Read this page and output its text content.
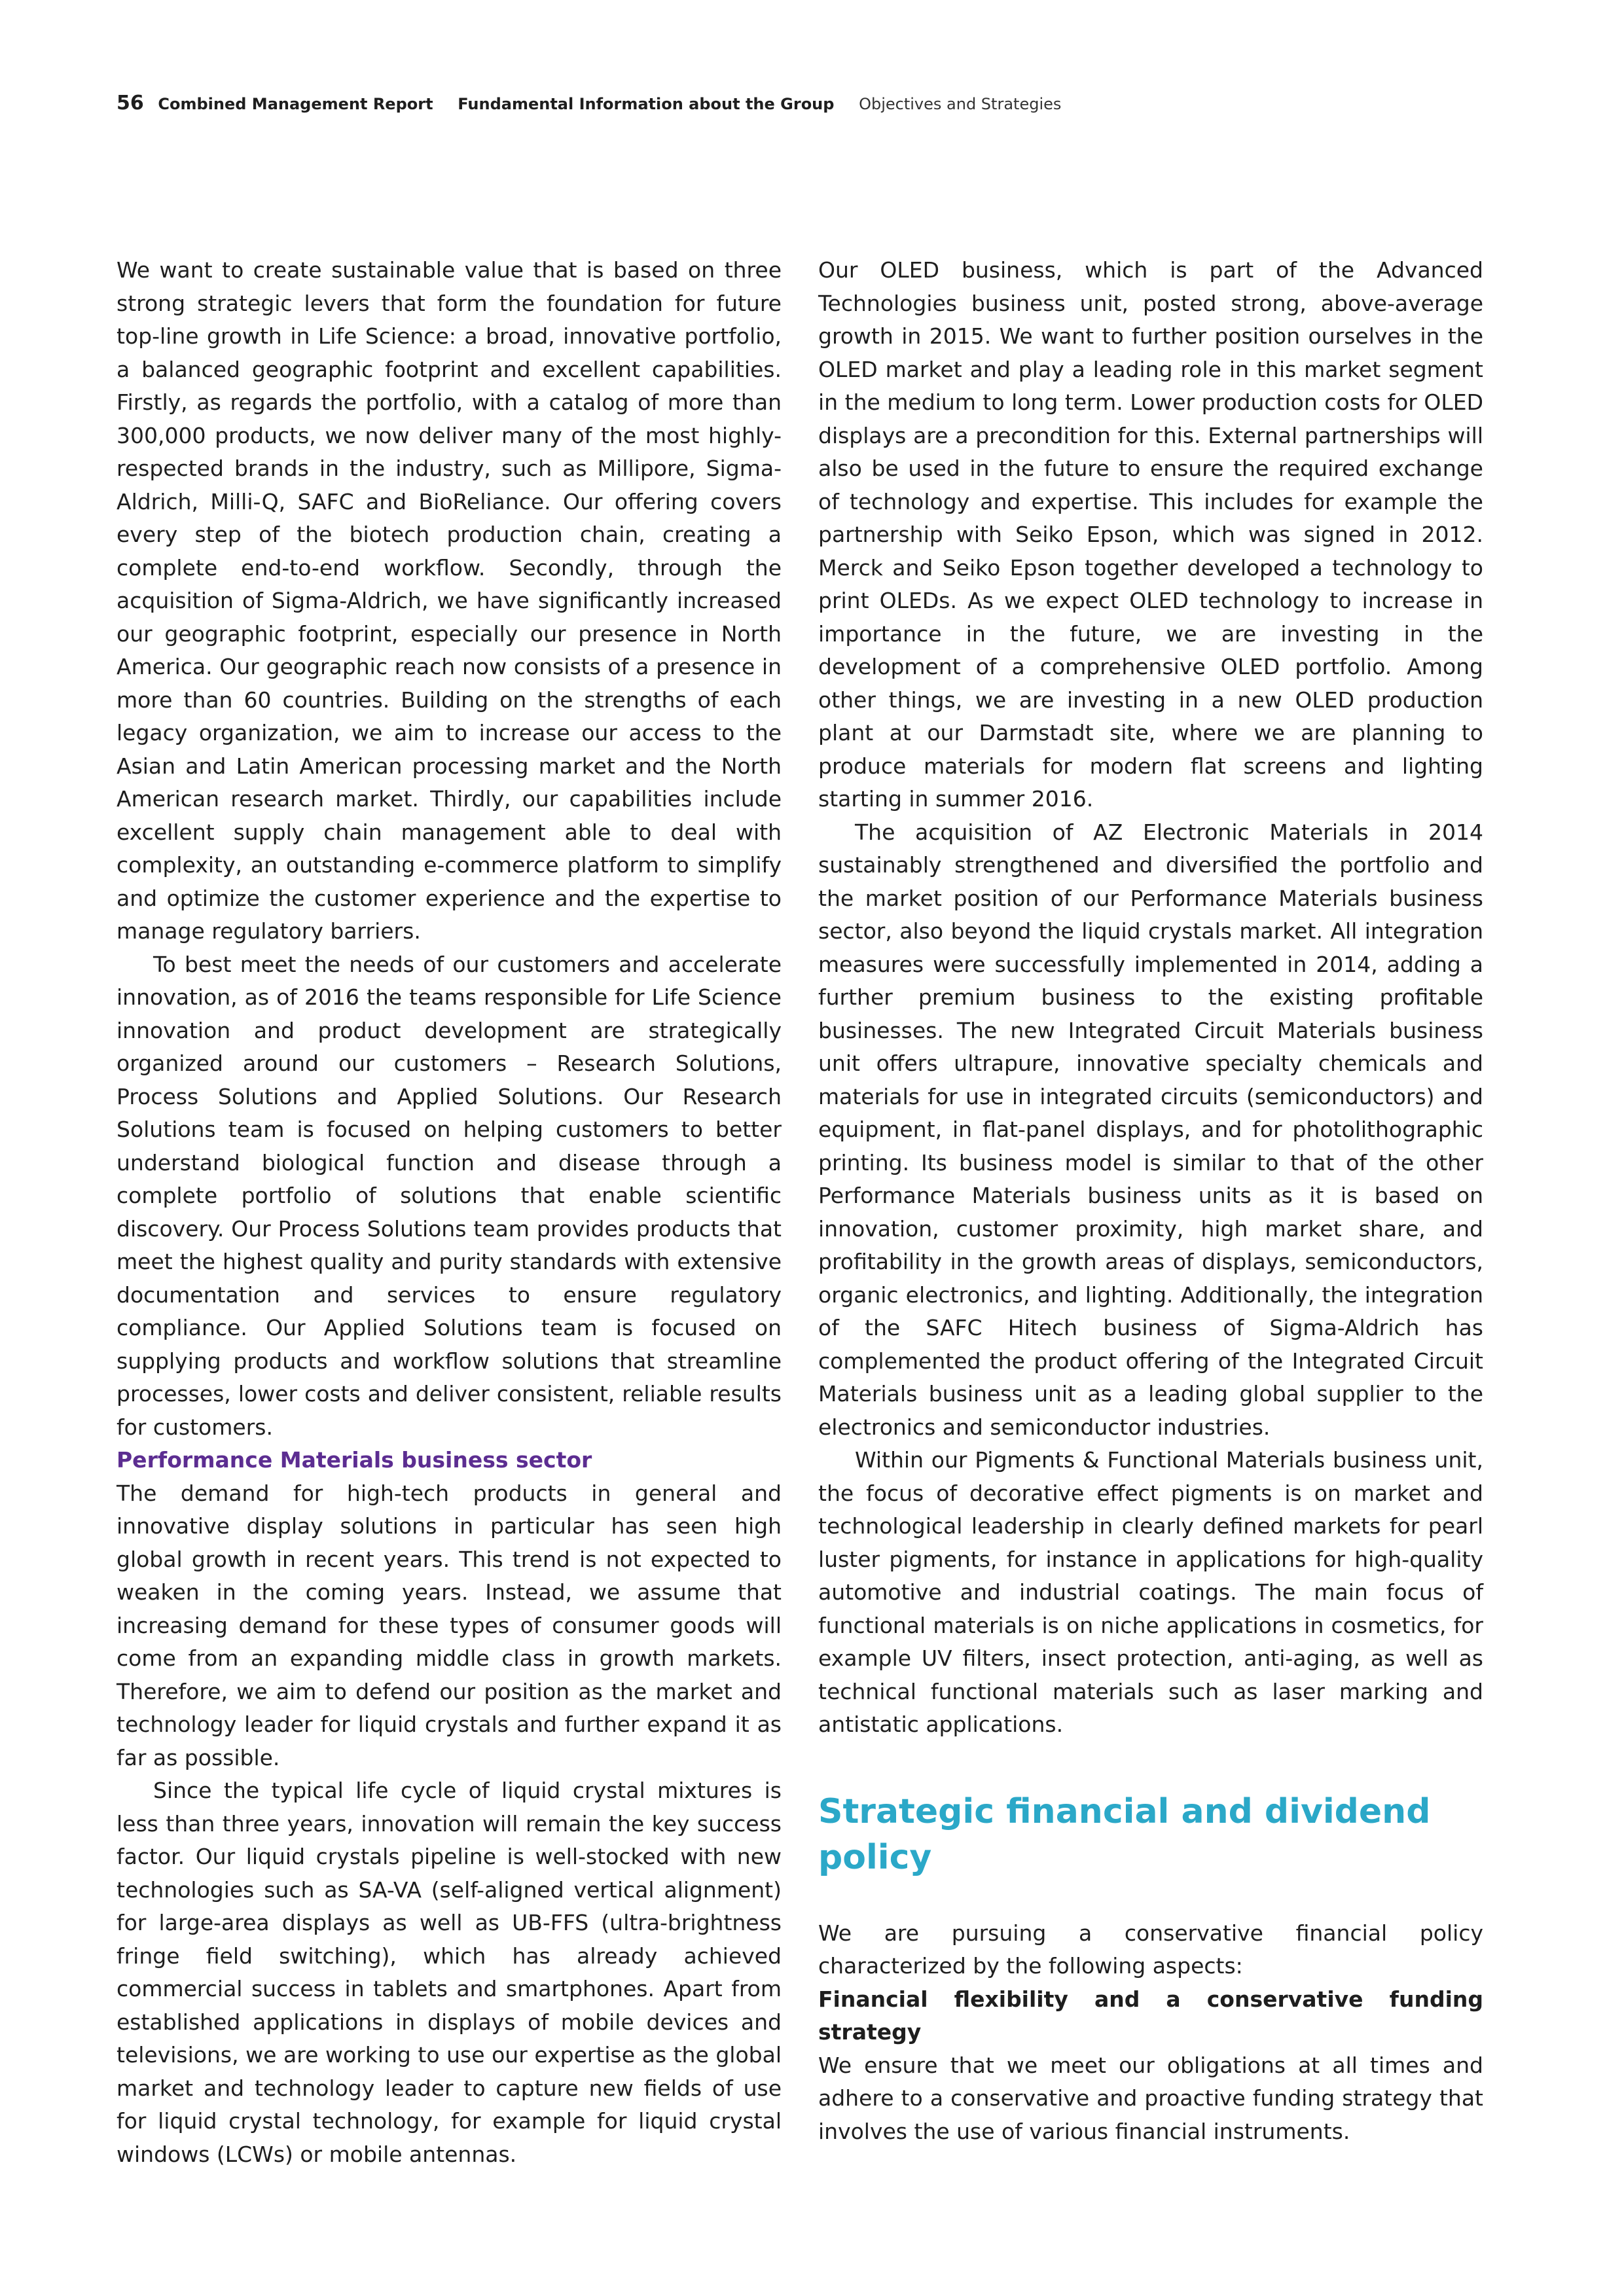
56 Combined Management Report Fundamental Information about the Group Objectives and Strategies

We want to create sustainable value that is based on three strong strategic levers that form the foundation for future top-line growth in Life Science: a broad, innovative portfolio, a balanced geographic footprint and excellent capabilities. Firstly, as regards the portfolio, with a catalog of more than 300,000 products, we now deliver many of the most highly-respected brands in the industry, such as Millipore, Sigma-Aldrich, Milli-Q, SAFC and BioReliance. Our offering covers every step of the biotech production chain, creating a complete end-to-end workflow. Secondly, through the acquisition of Sigma-Aldrich, we have significantly increased our geographic footprint, especially our presence in North America. Our geographic reach now consists of a presence in more than 60 countries. Building on the strengths of each legacy organization, we aim to increase our access to the Asian and Latin American processing market and the North American research market. Thirdly, our capabilities include excellent supply chain management able to deal with complexity, an outstanding e-commerce platform to simplify and optimize the customer experience and the expertise to manage regulatory barriers.

To best meet the needs of our customers and accelerate innovation, as of 2016 the teams responsible for Life Science innovation and product development are strategically organized around our customers – Research Solutions, Process Solutions and Applied Solutions. Our Research Solutions team is focused on helping customers to better understand biological function and disease through a complete portfolio of solutions that enable scientific discovery. Our Process Solutions team provides products that meet the highest quality and purity standards with extensive documentation and services to ensure regulatory compliance. Our Applied Solutions team is focused on supplying products and workflow solutions that streamline processes, lower costs and deliver consistent, reliable results for customers.

Performance Materials business sector

The demand for high-tech products in general and innovative display solutions in particular has seen high global growth in recent years. This trend is not expected to weaken in the coming years. Instead, we assume that increasing demand for these types of consumer goods will come from an expanding middle class in growth markets. Therefore, we aim to defend our position as the market and technology leader for liquid crystals and further expand it as far as possible.

Since the typical life cycle of liquid crystal mixtures is less than three years, innovation will remain the key success factor. Our liquid crystals pipeline is well-stocked with new technologies such as SA-VA (self-aligned vertical alignment) for large-area displays as well as UB-FFS (ultra-brightness fringe field switching), which has already achieved commercial success in tablets and smartphones. Apart from established applications in displays of mobile devices and televisions, we are working to use our expertise as the global market and technology leader to capture new fields of use for liquid crystal technology, for example for liquid crystal windows (LCWs) or mobile antennas.

Our OLED business, which is part of the Advanced Technologies business unit, posted strong, above-average growth in 2015. We want to further position ourselves in the OLED market and play a leading role in this market segment in the medium to long term. Lower production costs for OLED displays are a precondition for this. External partnerships will also be used in the future to ensure the required exchange of technology and expertise. This includes for example the partnership with Seiko Epson, which was signed in 2012. Merck and Seiko Epson together developed a technology to print OLEDs. As we expect OLED technology to increase in importance in the future, we are investing in the development of a comprehensive OLED portfolio. Among other things, we are investing in a new OLED production plant at our Darmstadt site, where we are planning to produce materials for modern flat screens and lighting starting in summer 2016.

The acquisition of AZ Electronic Materials in 2014 sustainably strengthened and diversified the portfolio and the market position of our Performance Materials business sector, also beyond the liquid crystals market. All integration measures were successfully implemented in 2014, adding a further premium business to the existing profitable businesses. The new Integrated Circuit Materials business unit offers ultrapure, innovative specialty chemicals and materials for use in integrated circuits (semiconductors) and equipment, in flat-panel displays, and for photolithographic printing. Its business model is similar to that of the other Performance Materials business units as it is based on innovation, customer proximity, high market share, and profitability in the growth areas of displays, semiconductors, organic electronics, and lighting. Additionally, the integration of the SAFC Hitech business of Sigma-Aldrich has complemented the product offering of the Integrated Circuit Materials business unit as a leading global supplier to the electronics and semiconductor industries.

Within our Pigments & Functional Materials business unit, the focus of decorative effect pigments is on market and technological leadership in clearly defined markets for pearl luster pigments, for instance in applications for high-quality automotive and industrial coatings. The main focus of functional materials is on niche applications in cosmetics, for example UV filters, insect protection, anti-aging, as well as technical functional materials such as laser marking and antistatic applications.

Strategic financial and dividend policy

We are pursuing a conservative financial policy characterized by the following aspects:

Financial flexibility and a conservative funding strategy

We ensure that we meet our obligations at all times and adhere to a conservative and proactive funding strategy that involves the use of various financial instruments.
